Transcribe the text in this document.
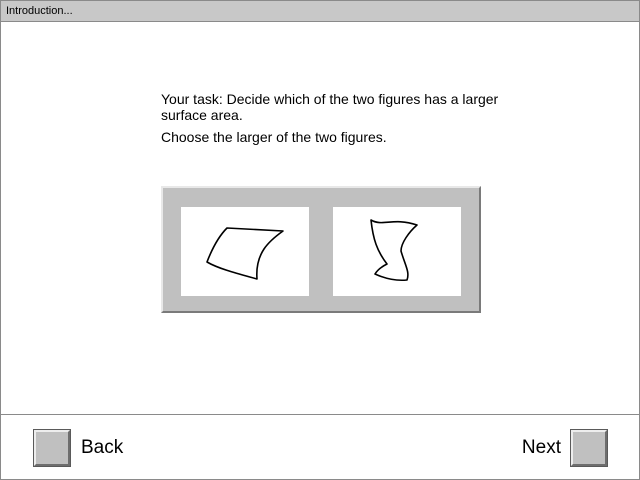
Introduction...

Your task: Decide which of the two figures has a larger surface area.

Choose the larger of the two figures.

Back	Next
